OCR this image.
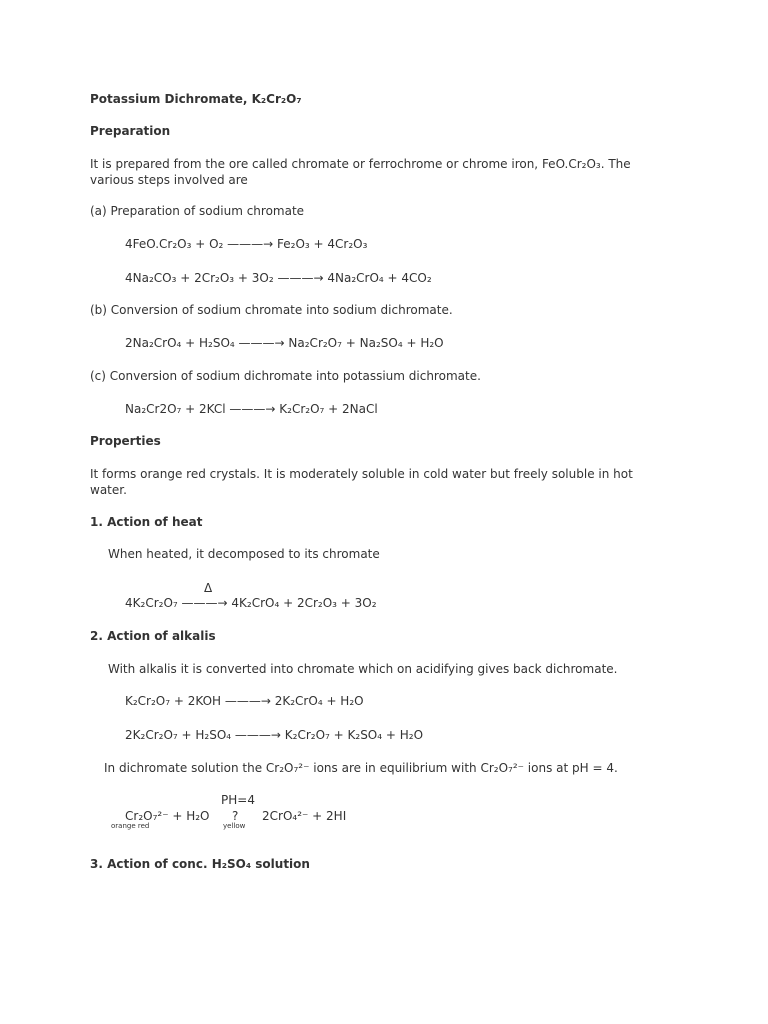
Potassium Dichromate, K₂Cr₂O₇
Preparation
It is prepared from the ore called chromate or ferrochrome or chrome iron, FeO.Cr₂O₃. The
various steps involved are
(a) Preparation of sodium chromate
4FeO.Cr₂O₃ + O₂ ———→ Fe₂O₃ + 4Cr₂O₃
4Na₂CO₃ + 2Cr₂O₃ + 3O₂ ———→ 4Na₂CrO₄ + 4CO₂
(b) Conversion of sodium chromate into sodium dichromate.
2Na₂CrO₄ + H₂SO₄ ———→ Na₂Cr₂O₇ + Na₂SO₄ + H₂O
(c) Conversion of sodium dichromate into potassium dichromate.
Na₂Cr2O₇ + 2KCl ———→ K₂Cr₂O₇ + 2NaCl
Properties
It forms orange red crystals. It is moderately soluble in cold water but freely soluble in hot
water.
1. Action of heat
When heated, it decomposed to its chromate
Δ
4K₂Cr₂O₇ ———→ 4K₂CrO₄ + 2Cr₂O₃ + 3O₂
2. Action of alkalis
With alkalis it is converted into chromate which on acidifying gives back dichromate.
K₂Cr₂O₇ + 2KOH ———→ 2K₂CrO₄ + H₂O
2K₂Cr₂O₇ + H₂SO₄ ———→ K₂Cr₂O₇ + K₂SO₄ + H₂O
In dichromate solution the Cr₂O₇²⁻ ions are in equilibrium with Cr₂O₇²⁻ ions at pH = 4.
PH=4
Cr₂O₇²⁻ + H₂O ? 2CrO₄²⁻ + 2HI
orange red	yellow
3. Action of conc. H₂SO₄ solution
